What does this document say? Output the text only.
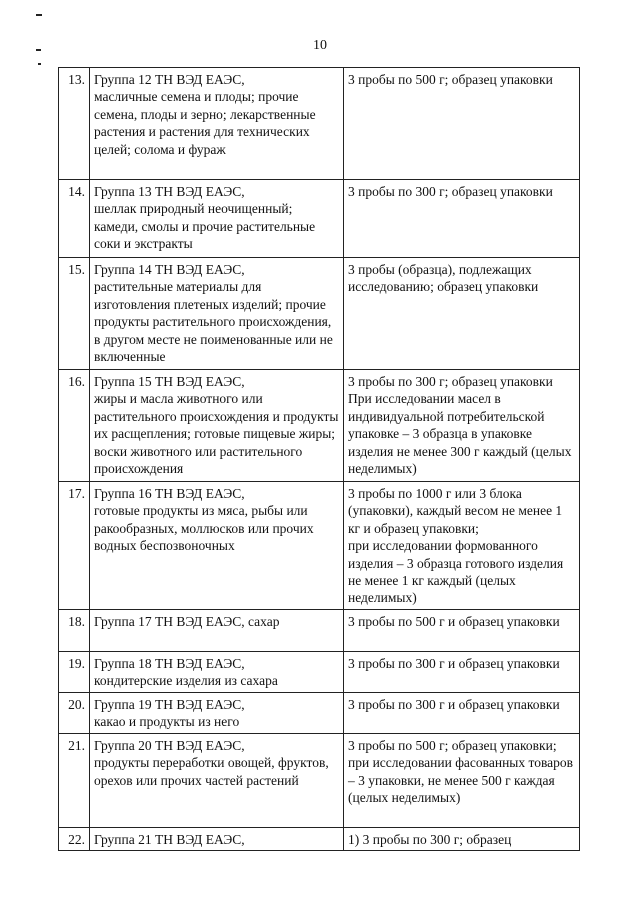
10
13.	Группа 12 ТН ВЭД ЕАЭС,
масличные семена и плоды; прочие семена, плоды и зерно; лекарственные растения и растения для технических целей; солома и фураж	3 пробы по 500 г; образец упаковки
14.	Группа 13 ТН ВЭД ЕАЭС,
шеллак природный неочищенный; камеди, смолы и прочие растительные соки и экстракты	3 пробы по 300 г; образец упаковки
15.	Группа 14 ТН ВЭД ЕАЭС,
растительные материалы для изготовления плетеных изделий; прочие продукты растительного происхождения, в другом месте не поименованные или не включенные	3 пробы (образца), подлежащих исследованию; образец упаковки
16.	Группа 15 ТН ВЭД ЕАЭС,
жиры и масла животного или растительного происхождения и продукты их расщепления; готовые пищевые жиры; воски животного или растительного происхождения	3 пробы по 300 г; образец упаковки
При исследовании масел в индивидуальной потребительской упаковке – 3 образца в упаковке изделия не менее 300 г каждый (целых неделимых)
17.	Группа 16 ТН ВЭД ЕАЭС,
готовые продукты из мяса, рыбы или ракообразных, моллюсков или прочих водных беспозвоночных	3 пробы по 1000 г или 3 блока (упаковки), каждый весом не менее 1 кг и образец упаковки;
при исследовании формованного изделия – 3 образца готового изделия не менее 1 кг каждый (целых неделимых)
18.	Группа 17 ТН ВЭД ЕАЭС, сахар	3 пробы по 500 г и образец упаковки
19.	Группа 18 ТН ВЭД ЕАЭС,
кондитерские изделия из сахара	3 пробы по 300 г и образец упаковки
20.	Группа 19 ТН ВЭД ЕАЭС,
какао и продукты из него	3 пробы по 300 г и образец упаковки
21.	Группа 20 ТН ВЭД ЕАЭС,
продукты переработки овощей, фруктов, орехов или прочих частей растений	3 пробы по 500 г; образец упаковки;
при исследовании фасованных товаров – 3 упаковки, не менее 500 г каждая (целых неделимых)
22.	Группа 21 ТН ВЭД ЕАЭС,	1) 3 пробы по 300 г; образец
